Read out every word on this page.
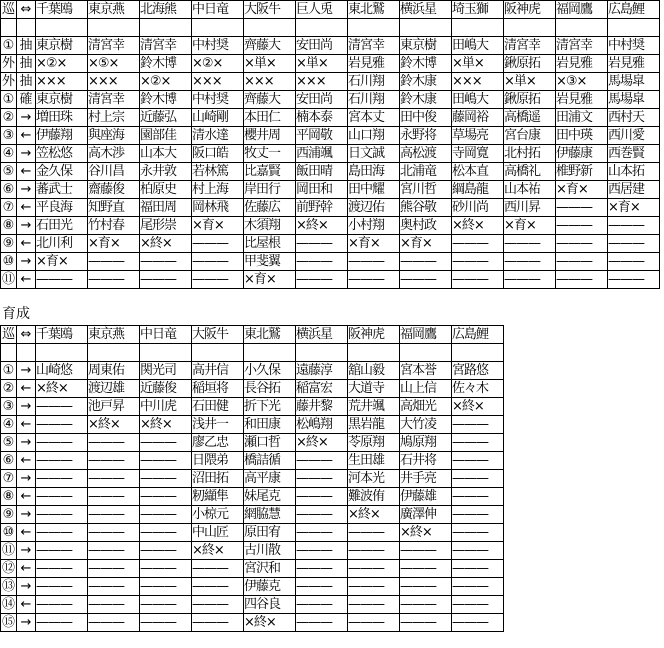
巡	⇔	千葉鴎	東京燕	北海熊	中日竜	大阪牛	巨人兎	東北鷲	横浜星	埼玉獅	阪神虎	福岡鷹	広島鯉

①	抽	東京樹	清宮幸	清宮幸	中村奨	齊藤大	安田尚	清宮幸	東京樹	田嶋大	清宮幸	清宮幸	中村奨
外	抽	×②×	×⑤×	鈴木博	×②×	×単×	×単×	岩見雅	鈴木博	×単×	鍬原拓	岩見雅	岩見雅
外	抽	×××	×××	×②×	×××	×××	×××	石川翔	鈴木康	×××	×単×	×③×	馬場皐
①	確	東京樹	清宮幸	鈴木博	中村奨	齊藤大	安田尚	石川翔	鈴木康	田嶋大	鍬原拓	岩見雅	馬場皐
②	→	増田珠	村上宗	近藤弘	山崎剛	本田仁	楠本泰	宮本丈	田中俊	藤岡裕	高橋遥	田浦文	西村天
③	←	伊藤翔	與座海	園部佳	清水達	櫻井周	平岡敬	山口翔	永野将	草場亮	宮台康	田中瑛	西川愛
④	→	笠松悠	高木渉	山本大	阪口皓	牧丈一	西浦颯	日文誠	高松渡	寺岡寛	北村拓	伊藤康	西巻賢
⑤	←	金久保	谷川昌	永井敦	若林篤	比嘉賢	飯田晴	島田海	北浦竜	松本直	高橋礼	椎野新	山本拓
⑥	→	蕃武士	齋藤俊	柏原史	村上海	岸田行	岡田和	田中耀	宮川哲	綱島龍	山本祐	×育×	西居建
⑦	←	平良海	知野直	福田周	岡林飛	佐藤広	前野幹	渡辺佑	熊谷敬	砂川尚	西川昇	———	×育×
⑧	→	石田光	竹村春	尾形崇	×育×	木須翔	×終×	小村翔	奥村政	×終×	×育×	———	———
⑨	←	北川利	×育×	×終×	———	比屋根	———	×育×	×育×	———	———	———	———
⑩	→	×育×	———	———	———	甲斐翼	———	———	———	———	———	———	———
⑪	←	———	———	———	———	×育×	———	———	———	———	———	———	———
育成
巡	⇔	千葉鴎	東京燕	中日竜	大阪牛	東北鷲	横浜星	阪神虎	福岡鷹	広島鯉

①	→	山崎悠	周東佑	関光司	高井信	小久保	遠藤淳	舘山毅	宮本誉	宮路悠
②	←	×終×	渡辺雄	近藤俊	稲垣将	長谷拓	稲富宏	大道寺	山上信	佐々木
③	→	———	池戸昇	中川虎	石田健	折下光	藤井黎	荒井颯	高畑光	×終×
④	←	———	×終×	×終×	浅井一	和田康	松嶋翔	黒岩龍	大竹凌	———
⑤	→	———	———	———	廖乙忠	瀬口哲	×終×	苓原翔	鳩原翔	———
⑥	←	———	———	———	日隈弟	橋詰循	———	生田雄	石井将	———
⑦	→	———	———	———	沼田拓	高平康	———	河本光	井手亮	———
⑧	←	———	———	———	籾纈隼	妹尾克	———	難波侑	伊藤雄	———
⑨	→	———	———	———	小椋元	網脇慧	———	×終×	廣澤伸	———
⑩	←	———	———	———	中山匠	原田宥	———	———	×終×	———
⑪	→	———	———	———	×終×	古川散	———	———	———	———
⑫	←	———	———	———	———	宮沢和	———	———	———	———
⑬	→	———	———	———	———	伊藤克	———	———	———	———
⑭	←	———	———	———	———	四谷良	———	———	———	———
⑮	→	———	———	———	———	×終×	———	———	———	———
